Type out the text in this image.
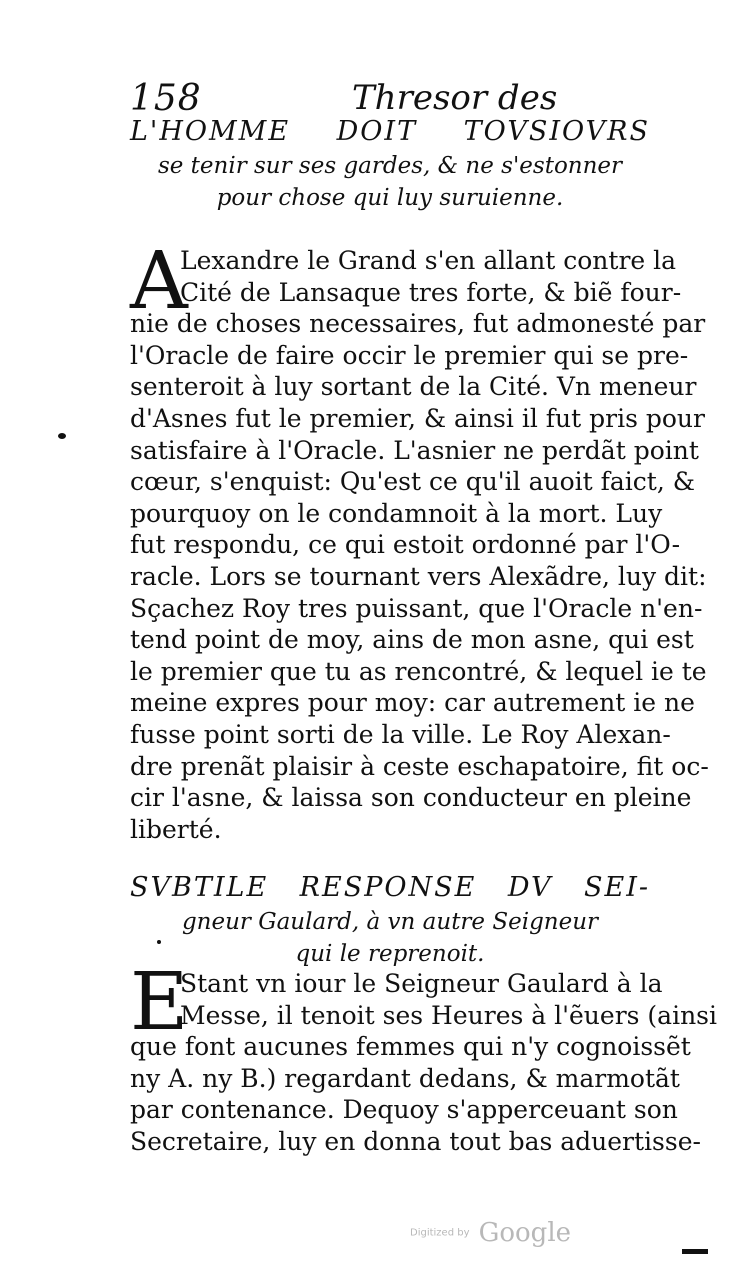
158	Thresor des
L'HOMME DOIT TOVSIOVRS
se tenir sur ses gardes, & ne s'estonner
pour chose qui luy suruienne.
A
Lexandre le Grand s'en allant contre la
Cité de Lansaque tres forte, & biẽ four-
nie de choses necessaires, fut admonesté par
l'Oracle de faire occir le premier qui se pre-
senteroit à luy sortant de la Cité. Vn meneur
d'Asnes fut le premier, & ainsi il fut pris pour
satisfaire à l'Oracle. L'asnier ne perdãt point
cœur, s'enquist: Qu'est ce qu'il auoit faict, &
pourquoy on le condamnoit à la mort. Luy
fut respondu, ce qui estoit ordonné par l'O-
racle. Lors se tournant vers Alexãdre, luy dit:
Sçachez Roy tres puissant, que l'Oracle n'en-
tend point de moy, ains de mon asne, qui est
le premier que tu as rencontré, & lequel ie te
meine expres pour moy: car autrement ie ne
fusse point sorti de la ville. Le Roy Alexan-
dre prenãt plaisir à ceste eschapatoire, fit oc-
cir l'asne, & laissa son conducteur en pleine
liberté.
SVBTILE RESPONSE DV SEI-
gneur Gaulard, à vn autre Seigneur
qui le reprenoit.
E
Stant vn iour le Seigneur Gaulard à la
Messe, il tenoit ses Heures à l'ẽuers (ainsi
que font aucunes femmes qui n'y cognoissẽt
ny A. ny B.) regardant dedans, & marmotãt
par contenance. Dequoy s'apperceuant son
Secretaire, luy en donna tout bas aduertisse-
Digitized by Google
